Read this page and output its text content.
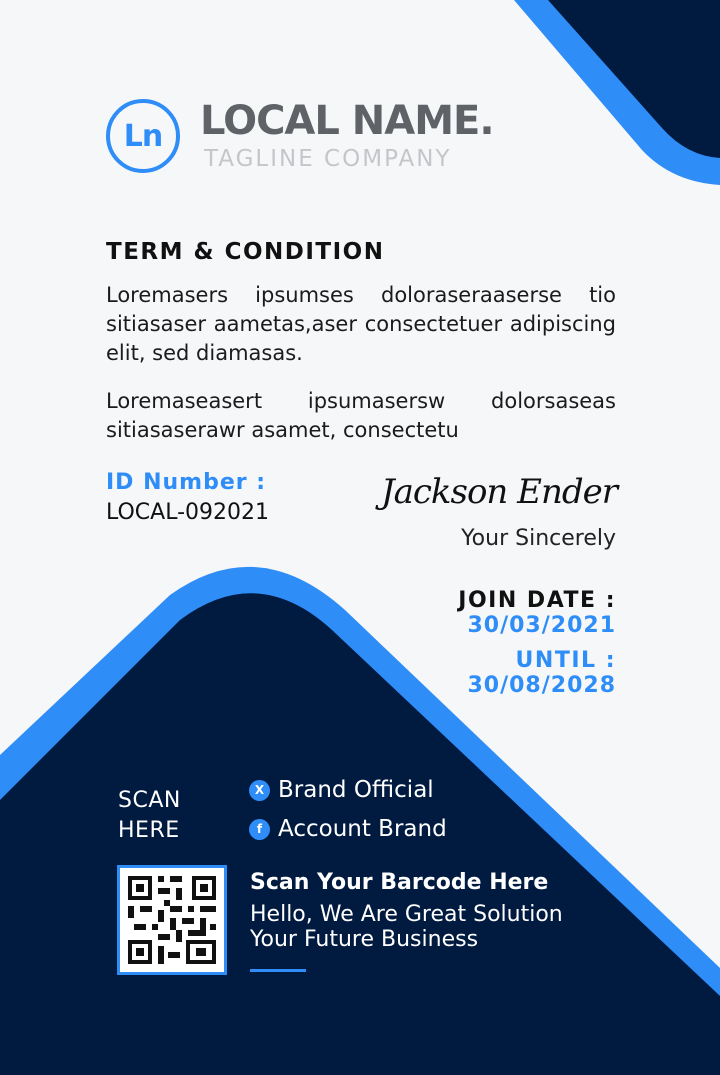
Ln LOCAL NAME.
TAGLINE COMPANY
TERM & CONDITION
Loremasers ipsumses doloraseraaserse tio sitiasaser aametas,aser consectetuer adipiscing elit, sed diamasas.
Loremaseasert ipsumasersw dolorsaseas sitiasaserawr asamet, consectetu
ID Number :
LOCAL-092021
Jackson Ender
Your Sincerely
JOIN DATE :
30/03/2021
UNTIL :
30/08/2028
SCAN
HERE
X Brand Official
f Account Brand
Scan Your Barcode Here
Hello, We Are Great Solution
Your Future Business
